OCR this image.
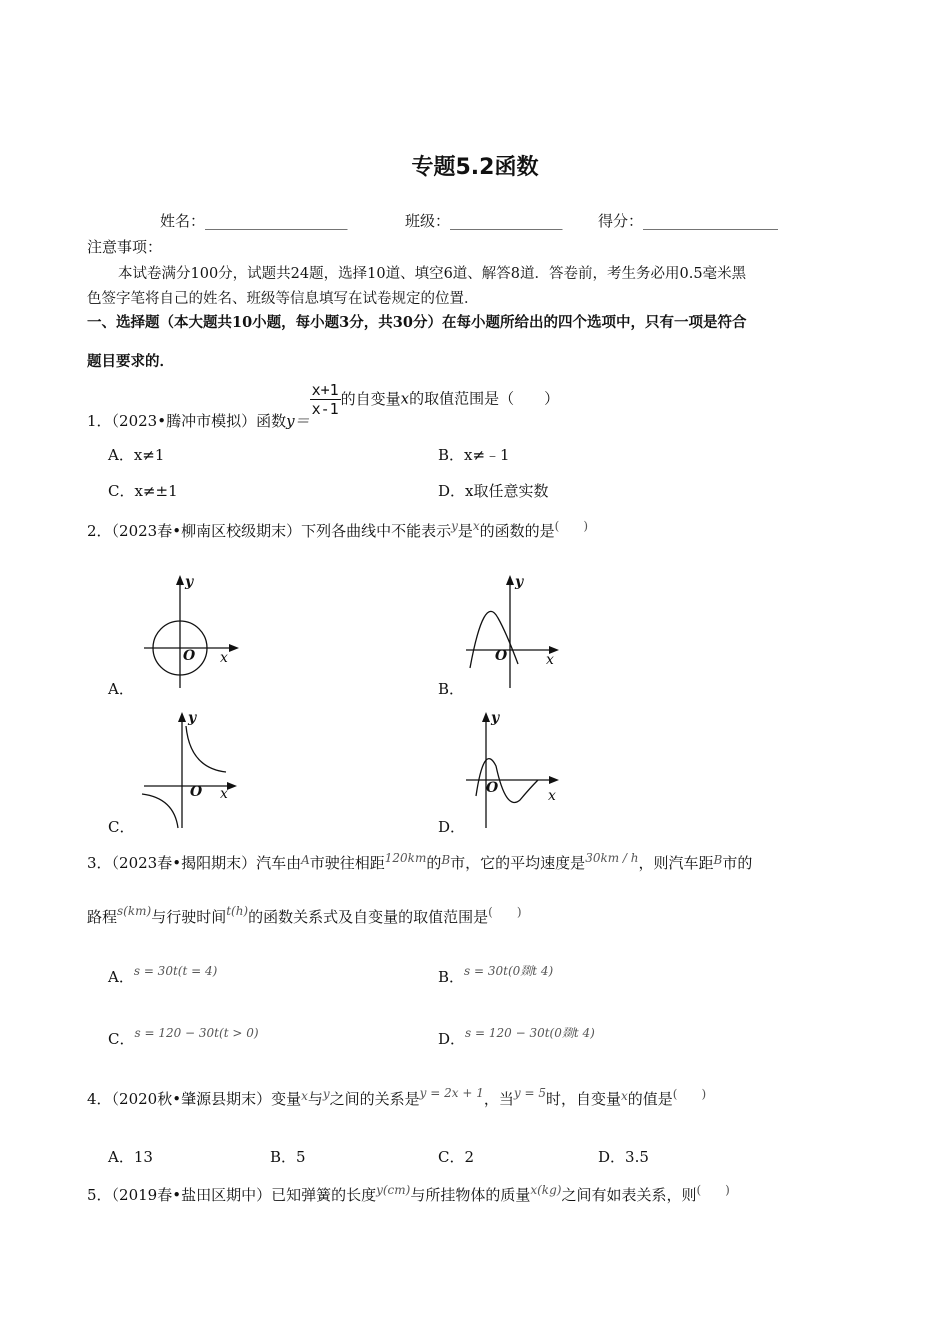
专题5.2函数
姓名：___________________	班级：_______________ 得分：__________________
注意事项：
本试卷满分100分，试题共24题，选择10道、填空6道、解答8道．答卷前，考生务必用0.5毫米黑
色签字笔将自己的姓名、班级等信息填写在试卷规定的位置．
一、选择题（本大题共10小题，每小题3分，共30分）在每小题所给出的四个选项中，只有一项是符合
题目要求的．
1．（2023•腾冲市模拟）函数y＝
$\frac{x+1}{x-1}$ 的自变量x的取值范围是（　　）
A．x≠1	B．x≠﹣1
C．x≠±1	D．x取任意实数
2．（2023春•柳南区校级期末）下列各曲线中不能表示$^y$是$^x$的函数的是(　　)
y
x
O
A．
y
x
O
B．
y
x
O
C．
y
x
O
D．
3．（2023春•揭阳期末）汽车由$^A$市驶往相距$^{120km}$的$^B$市，它的平均速度是$^{30km / h}$，则汽车距$^B$市的
路程$^{s(km)}$与行驶时间$^{t(h)}$的函数关系式及自变量的取值范围是(　　)
A．$^{s = 30t(t = 4)}$	B．$^{s = 30t(0剟t 4)}$
C．$^{s = 120 - 30t(t > 0)}$	D．$^{s = 120 - 30t(0剟t 4)}$
4．（2020秋•肇源县期末）变量$^x$与$^y$之间的关系是$^{y = 2x + 1}$，当$^{y = 5}$时，自变量$^x$的值是(　　)
A．13	B．5	C．2	D．3.5
5．（2019春•盐田区期中）已知弹簧的长度$^{y(cm)}$与所挂物体的质量$^{x(kg)}$之间有如表关系，则(　　)
